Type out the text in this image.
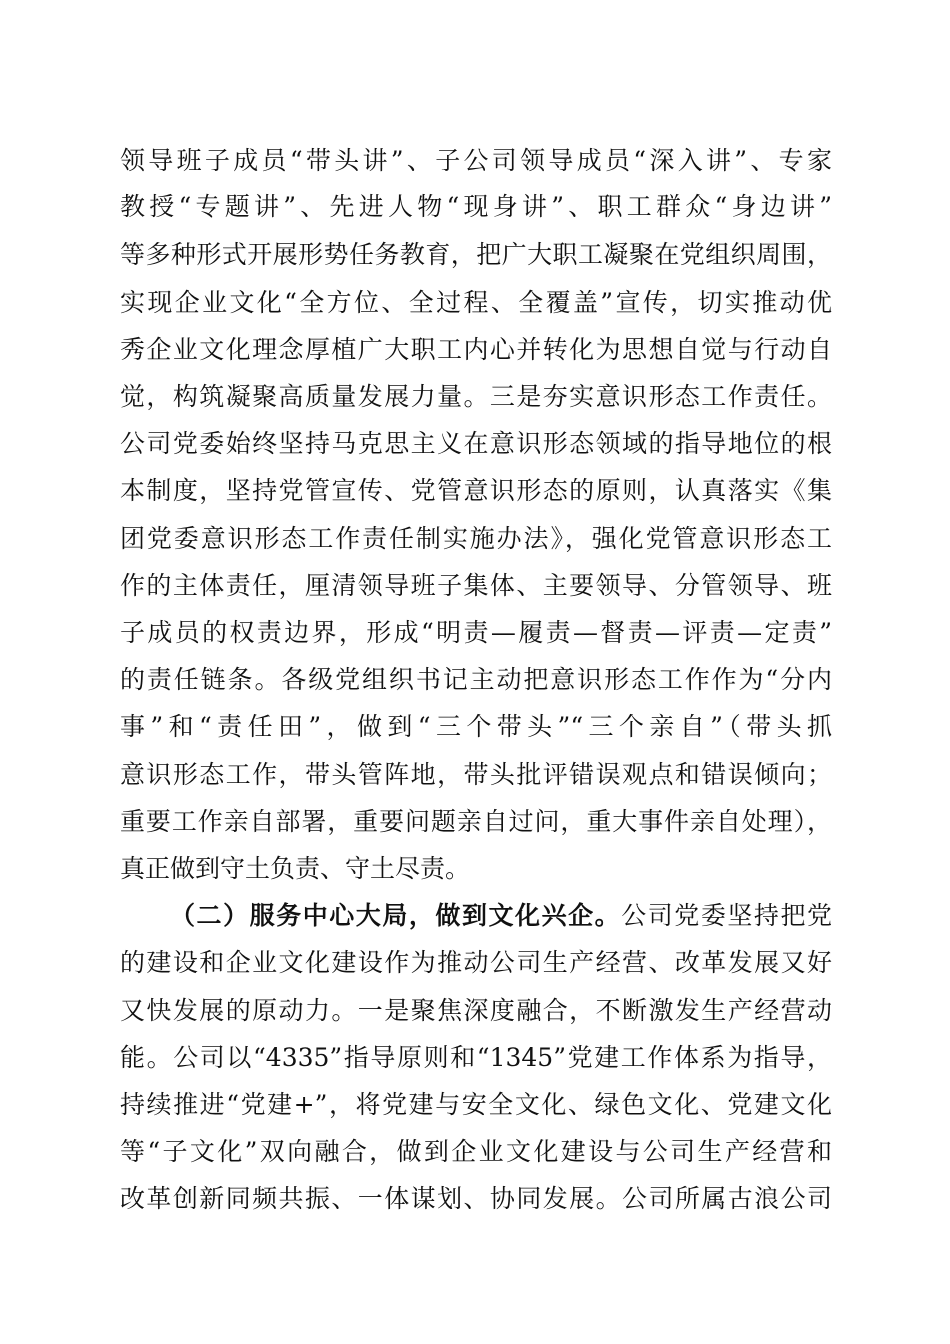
领导班子成员“带头讲”、子公司领导成员“深入讲”、专家
教授“专题讲”、先进人物“现身讲”、职工群众“身边讲”
等多种形式开展形势任务教育，把广大职工凝聚在党组织周围，
实现企业文化“全方位、全过程、全覆盖”宣传，切实推动优
秀企业文化理念厚植广大职工内心并转化为思想自觉与行动自
觉，构筑凝聚高质量发展力量。三是夯实意识形态工作责任。
公司党委始终坚持马克思主义在意识形态领域的指导地位的根
本制度，坚持党管宣传、党管意识形态的原则，认真落实《集
团党委意识形态工作责任制实施办法》，强化党管意识形态工
作的主体责任，厘清领导班子集体、主要领导、分管领导、班
子成员的权责边界，形成“明责—履责—督责—评责—定责”
的责任链条。各级党组织书记主动把意识形态工作作为“分内
事”和“责任田”，做到“三个带头”“三个亲自”（带头抓
意识形态工作，带头管阵地，带头批评错误观点和错误倾向；
重要工作亲自部署，重要问题亲自过问，重大事件亲自处理），
真正做到守土负责、守土尽责。
（二）服务中心大局，做到文化兴企。公司党委坚持把党
的建设和企业文化建设作为推动公司生产经营、改革发展又好
又快发展的原动力。一是聚焦深度融合，不断激发生产经营动
能。公司以“4335”指导原则和“1345”党建工作体系为指导，
持续推进“党建+”，将党建与安全文化、绿色文化、党建文化
等“子文化”双向融合，做到企业文化建设与公司生产经营和
改革创新同频共振、一体谋划、协同发展。公司所属古浪公司
